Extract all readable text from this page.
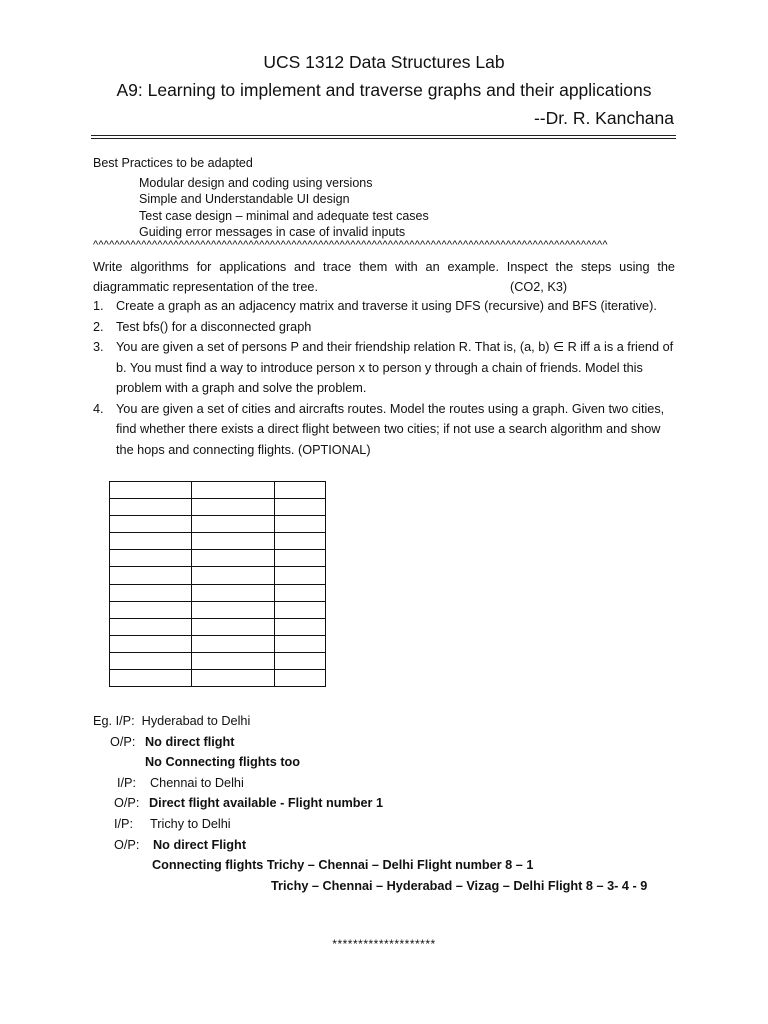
UCS 1312 Data Structures Lab
A9: Learning to implement and traverse graphs and their applications
--Dr. R. Kanchana
Best Practices to be adapted
Modular design and coding using versions
Simple and Understandable UI design
Test case design – minimal and adequate test cases
Guiding error messages in case of invalid inputs
^^^^^^^^^^^^^^^^^^^^^^^^^^^^^^^^^^^^^^^^^^^^^^^^^^^^^^^^^^^^^^^^^^^^^^^^^^^^^^^^^^^^^^^^^^^^^^^^
Write algorithms for applications and trace them with an example. Inspect the steps using the
diagrammatic representation of the tree.	(CO2, K3)
1. Create a graph as an adjacency matrix and traverse it using DFS (recursive) and BFS (iterative).
2. Test bfs() for a disconnected graph
3. You are given a set of persons P and their friendship relation R. That is, (a, b) ∈ R iff a is a friend of b. You must find a way to introduce person x to person y through a chain of friends. Model this problem with a graph and solve the problem.
4. You are given a set of cities and aircrafts routes. Model the routes using a graph. Given two cities, find whether there exists a direct flight between two cities; if not use a search algorithm and show the hops and connecting flights. (OPTIONAL)

Eg. I/P: Hyderabad to Delhi
O/P: No direct flight
No Connecting flights too
I/P: Chennai to Delhi
O/P: Direct flight available - Flight number 1
I/P: Trichy to Delhi
O/P: No direct Flight
Connecting flights Trichy – Chennai – Delhi Flight number 8 – 1
Trichy – Chennai – Hyderabad – Vizag – Delhi Flight 8 – 3- 4 - 9
********************
